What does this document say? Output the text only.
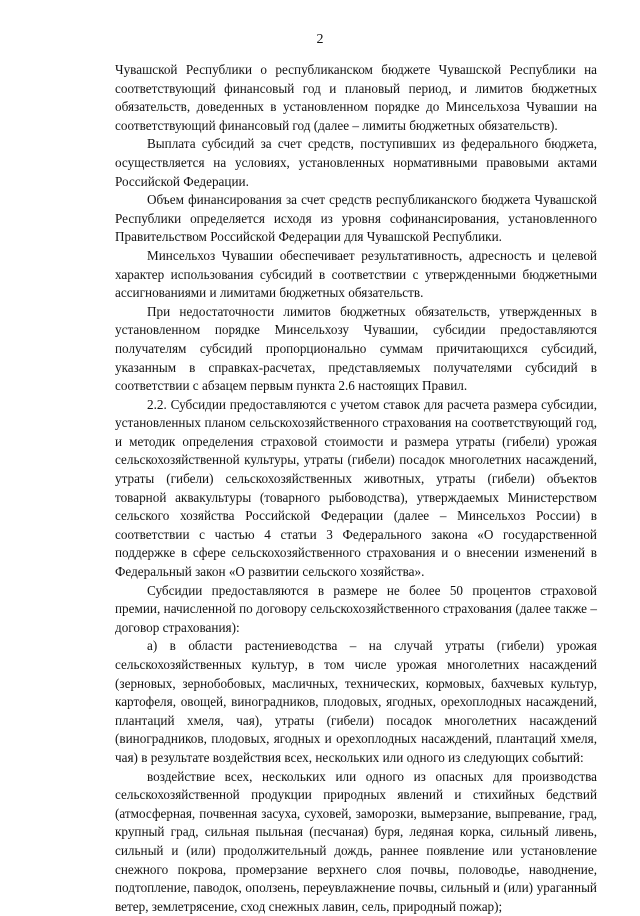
2

Чувашской Республики о республиканском бюджете Чувашской Республики на соответствующий финансовый год и плановый период, и лимитов бюджетных обязательств, доведенных в установленном порядке до Минсельхоза Чувашии на соответствующий финансовый год (далее – лимиты бюджетных обязательств).

Выплата субсидий за счет средств, поступивших из федерального бюджета, осуществляется на условиях, установленных нормативными правовыми актами Российской Федерации.

Объем финансирования за счет средств республиканского бюджета Чувашской Республики определяется исходя из уровня софинансирования, установленного Правительством Российской Федерации для Чувашской Республики.

Минсельхоз Чувашии обеспечивает результативность, адресность и целевой характер использования субсидий в соответствии с утвержденными бюджетными ассигнованиями и лимитами бюджетных обязательств.

При недостаточности лимитов бюджетных обязательств, утвержденных в установленном порядке Минсельхозу Чувашии, субсидии предоставляются получателям субсидий пропорционально суммам причитающихся субсидий, указанным в справках-расчетах, представляемых получателями субсидий в соответствии с абзацем первым пункта 2.6 настоящих Правил.

2.2. Субсидии предоставляются с учетом ставок для расчета размера субсидии, установленных планом сельскохозяйственного страхования на соответствующий год, и методик определения страховой стоимости и размера утраты (гибели) урожая сельскохозяйственной культуры, утраты (гибели) посадок многолетних насаждений, утраты (гибели) сельскохозяйственных животных, утраты (гибели) объектов товарной аквакультуры (товарного рыбоводства), утверждаемых Министерством сельского хозяйства Российской Федерации (далее – Минсельхоз России) в соответствии с частью 4 статьи 3 Федерального закона «О государственной поддержке в сфере сельскохозяйственного страхования и о внесении изменений в Федеральный закон «О развитии сельского хозяйства».

Субсидии предоставляются в размере не более 50 процентов страховой премии, начисленной по договору сельскохозяйственного страхования (далее также – договор страхования):

а) в области растениеводства – на случай утраты (гибели) урожая сельскохозяйственных культур, в том числе урожая многолетних насаждений (зерновых, зернобобовых, масличных, технических, кормовых, бахчевых культур, картофеля, овощей, виноградников, плодовых, ягодных, орехоплодных насаждений, плантаций хмеля, чая), утраты (гибели) посадок многолетних насаждений (виноградников, плодовых, ягодных и орехоплодных насаждений, плантаций хмеля, чая) в результате воздействия всех, нескольких или одного из следующих событий:

воздействие всех, нескольких или одного из опасных для производства сельскохозяйственной продукции природных явлений и стихийных бедствий (атмосферная, почвенная засуха, суховей, заморозки, вымерзание, выпревание, град, крупный град, сильная пыльная (песчаная) буря, ледяная корка, сильный ливень, сильный и (или) продолжительный дождь, раннее появление или установление снежного покрова, промерзание верхнего слоя почвы, половодье, наводнение, подтопление, паводок, оползень, переувлажнение почвы, сильный и (или) ураганный ветер, землетрясение, сход снежных лавин, сель, природный пожар);
